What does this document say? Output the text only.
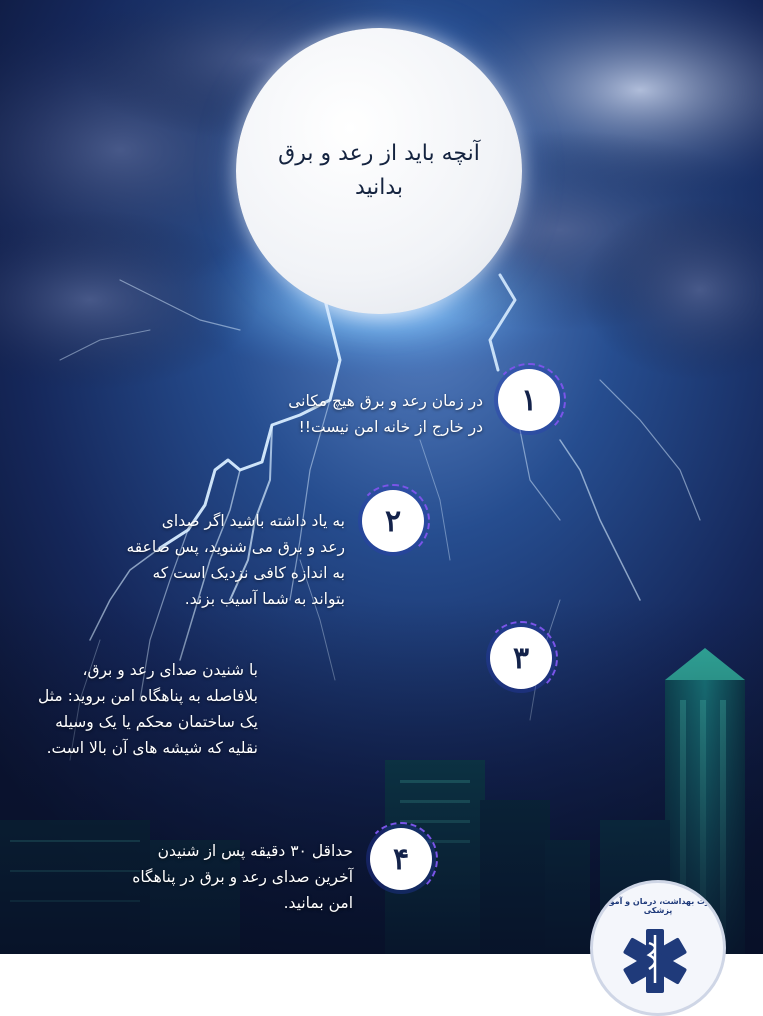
آنچه باید از رعد و برق
بدانید
۱
در زمان رعد و برق هیچ مکانی
در خارج از خانه امن نیست!!
۲
به یاد داشته باشید اگر صدای
رعد و برق می شنوید، پس صاعقه
به اندازه کافی نزدیک است که
بتواند به شما آسیب بزند.
۳
با شنیدن صدای رعد و برق،
بلافاصله به پناهگاه امن بروید: مثل
یک ساختمان محکم یا یک وسیله
نقلیه که شیشه های آن بالا است.
۴
حداقل ۳۰ دقیقه پس از شنیدن
آخرین صدای رعد و برق در پناهگاه
امن بمانید.	وزارت بهداشت، درمان و آموزش پزشکی
